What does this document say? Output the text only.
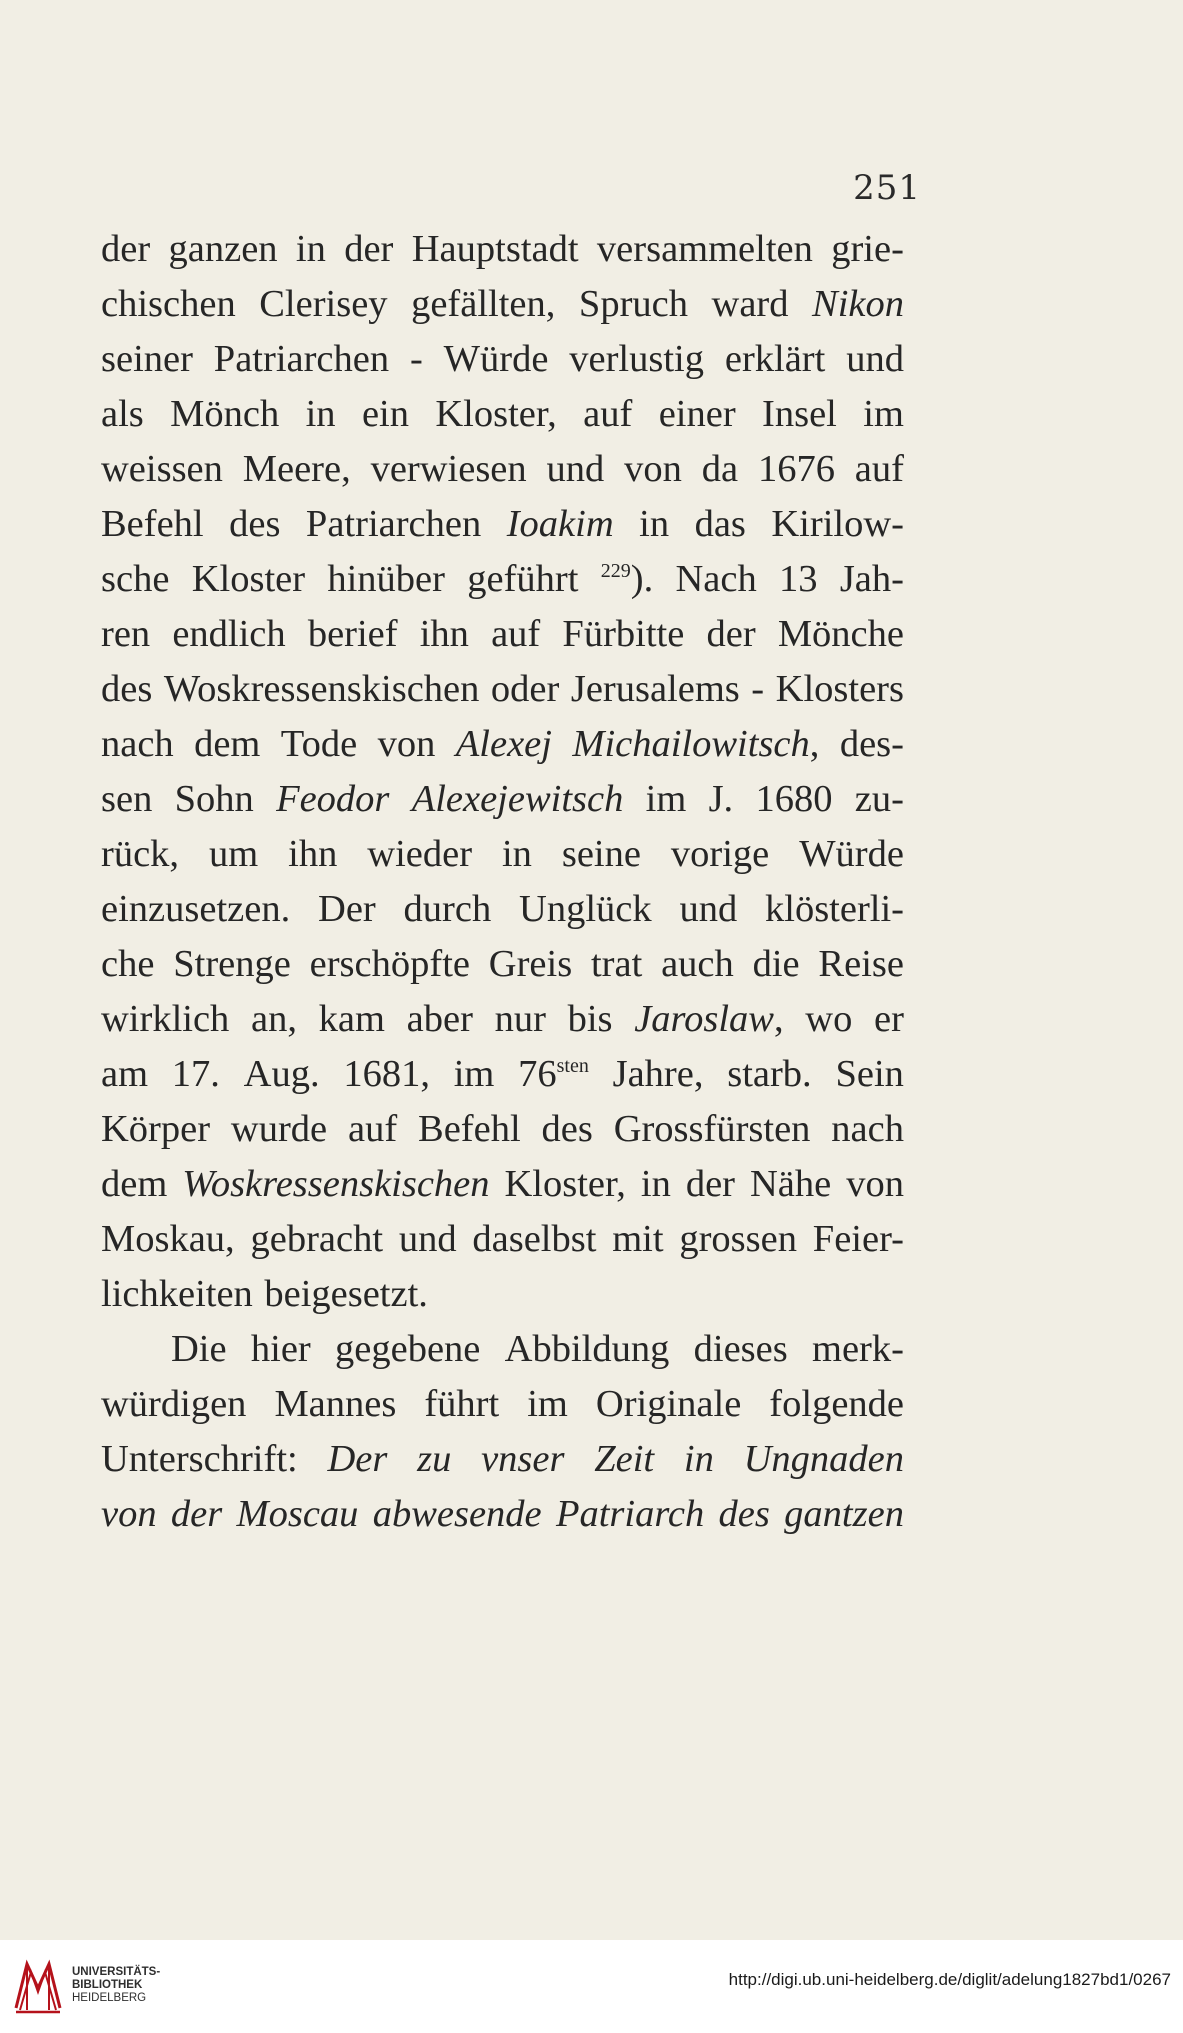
251
der ganzen in der Hauptstadt versammelten grie-
chischen Clerisey gefällten, Spruch ward Nikon
seiner Patriarchen - Würde verlustig erklärt und
als Mönch in ein Kloster, auf einer Insel im
weissen Meere, verwiesen und von da 1676 auf
Befehl des Patriarchen Ioakim in das Kirilow-
sche Kloster hinüber geführt $^{229}$). Nach 13 Jah-
ren endlich berief ihn auf Fürbitte der Mönche
des Woskressenskischen oder Jerusalems - Klosters
nach dem Tode von Alexej Michailowitsch, des-
sen Sohn Feodor Alexejewitsch im J. 1680 zu-
rück, um ihn wieder in seine vorige Würde
einzusetzen. Der durch Unglück und klösterli-
che Strenge erschöpfte Greis trat auch die Reise
wirklich an, kam aber nur bis Jaroslaw, wo er
am 17. Aug. 1681, im $76^{sten}$ Jahre, starb. Sein
Körper wurde auf Befehl des Grossfürsten nach
dem Woskressenskischen Kloster, in der Nähe von
Moskau, gebracht und daselbst mit grossen Feier-
lichkeiten beigesetzt.
Die hier gegebene Abbildung dieses merk-
würdigen Mannes führt im Originale folgende
Unterschrift: Der zu vnser Zeit in Ungnaden
von der Moscau abwesende Patriarch des gantzen
UNIVERSITÄTS-
BIBLIOTHEK
HEIDELBERG
http://digi.ub.uni-heidelberg.de/diglit/adelung1827bd1/0267
